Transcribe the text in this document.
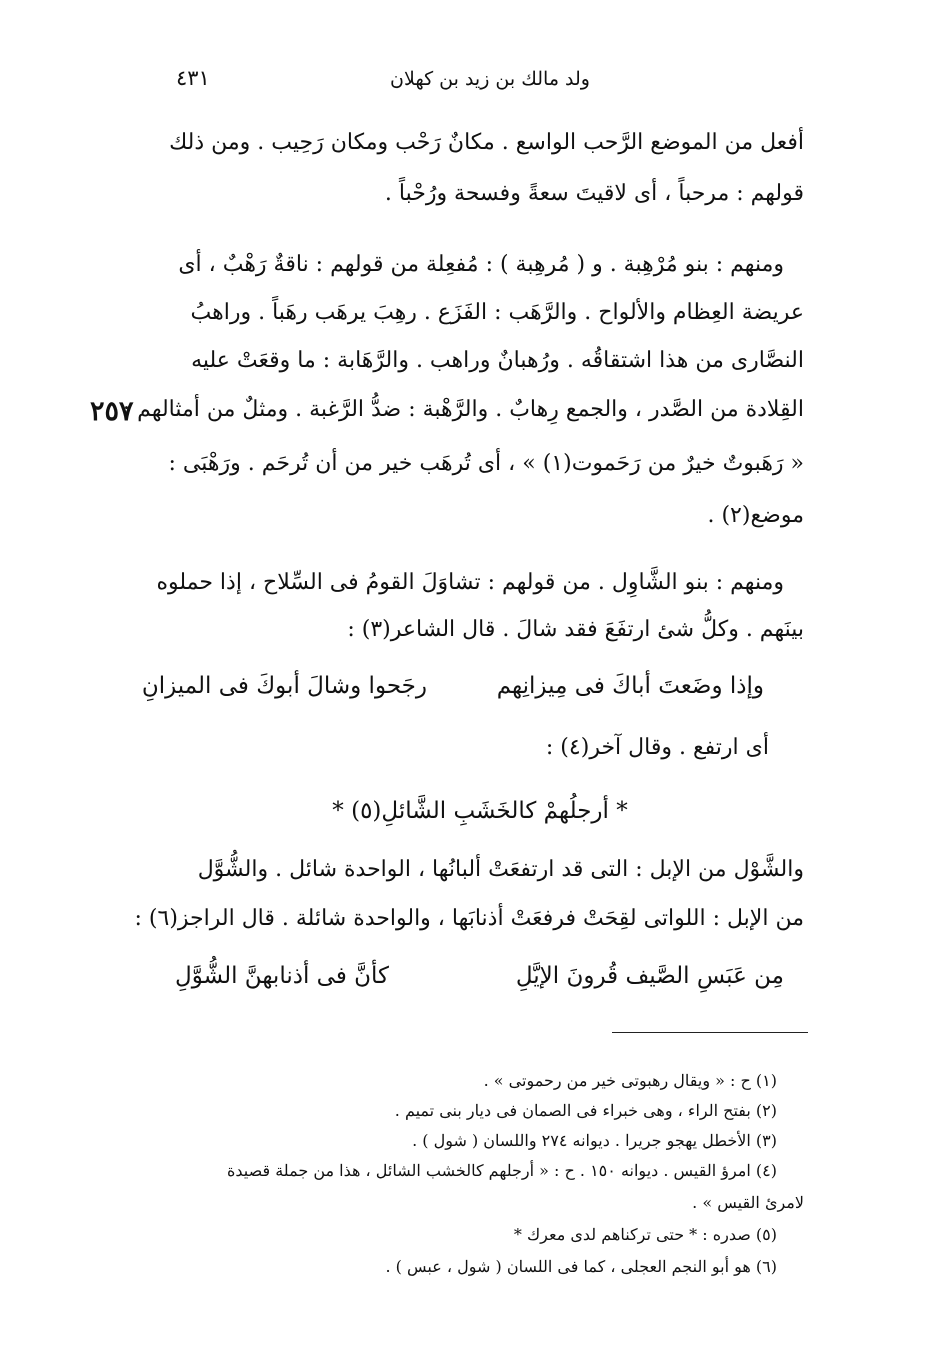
ولد مالك بن زيد بن كهلان
٤٣١
٢٥٧
أفعل من الموضع الرَّحب الواسع . مكانٌ رَحْب ومكان رَحِيب . ومن ذلك
قولهم : مرحباً ، أى لاقيتَ سعةً وفسحة ورُحْباً .
ومنهم : بنو مُرْهِبة . و ( مُرهِبة ) : مُفعِلة من قولهم : ناقةٌ رَهْبٌ ، أى
عريضة العِظام والألواح . والرَّهَب : الفَزَع . رهِبَ يرهَب رهَباً . وراهبُ
النصَّارى من هذا اشتقاقُه . ورُهبانٌ وراهب . والرَّهَابة : ما وقعَتْ عليه
القِلادة من الصَّدر ، والجمع رِهابٌ . والرَّهْبة : ضدُّ الرَّغبة . ومثلٌ من أمثالهم :
« رَهَبوتٌ خيرٌ من رَحَموت(١) » ، أى تُرهَب خير من أن تُرحَم . ورَهْبَى :
موضع(٢) .
ومنهم : بنو الشَّاوِل . من قولهم : تشاوَلَ القومُ فى السِّلاح ، إذا حملوه
بينَهم . وكلُّ شئ ارتفَعَ فقد شالَ . قال الشاعر(٣) :
وإذا وضَعتَ أباكَ فى مِيزانِهم
رجَحوا وشالَ أبوكَ فى الميزانِ
أى ارتفع . وقال آخر(٤) :
* أرجلُهمْ كالخَشَبِ الشَّائلِ(٥) *
والشَّوْل من الإبل : التى قد ارتفعَتْ ألبانُها ، الواحدة شائل . والشُّوَّل
من الإبل : اللواتى لقِحَتْ فرفعَتْ أذنابَها ، والواحدة شائلة . قال الراجز(٦) :
كأنَّ فى أذنابهنَّ الشُّوَّلِ	مِن عَبَسِ الصَّيف قُرونَ الإيَّلِ
(١) ح : « ويقال رهبوتى خير من رحموتى » .
(٢) بفتح الراء ، وهى خبراء فى الصمان فى ديار بنى تميم .
(٣) الأخطل يهجو جريرا . ديوانه ٢٧٤ واللسان ( شول ) .
(٤) امرؤ القيس . ديوانه ١٥٠ . ح : « أرجلهم كالخشب الشائل ، هذا من جملة قصيدة
لامرئ القيس » .
(٥) صدره : * حتى تركناهم لدى معرك *
(٦) هو أبو النجم العجلى ، كما فى اللسان ( شول ، عبس ) .
